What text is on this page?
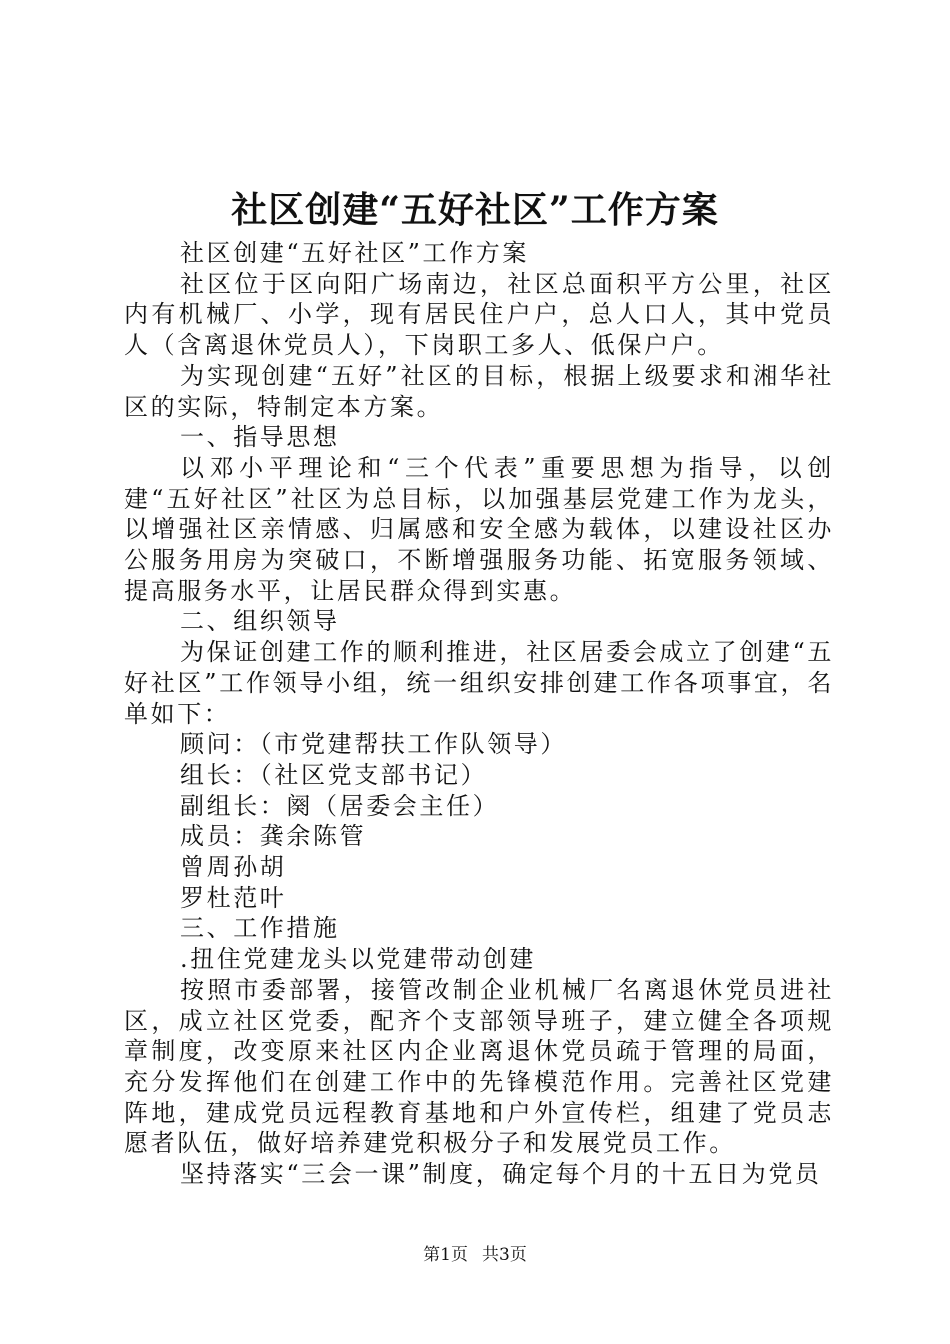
社区创建“五好社区”工作方案

社区创建“五好社区”工作方案

社区位于区向阳广场南边，社区总面积平方公里，社区内有机械厂、小学，现有居民住户户，总人口人，其中党员人（含离退休党员人），下岗职工多人、低保户户。

为实现创建“五好”社区的目标，根据上级要求和湘华社区的实际，特制定本方案。

一、指导思想

以邓小平理论和“三个代表”重要思想为指导，以创建“五好社区”社区为总目标，以加强基层党建工作为龙头，以增强社区亲情感、归属感和安全感为载体，以建设社区办公服务用房为突破口，不断增强服务功能、拓宽服务领域、提高服务水平，让居民群众得到实惠。

二、组织领导

为保证创建工作的顺利推进，社区居委会成立了创建“五好社区”工作领导小组，统一组织安排创建工作各项事宜，名单如下：

顾问：（市党建帮扶工作队领导）

组长：（社区党支部书记）

副组长：阕（居委会主任）

成员：龚余陈管

曾周孙胡

罗杜范叶

三、工作措施

.扭住党建龙头以党建带动创建

按照市委部署，接管改制企业机械厂名离退休党员进社区，成立社区党委，配齐个支部领导班子，建立健全各项规章制度，改变原来社区内企业离退休党员疏于管理的局面，充分发挥他们在创建工作中的先锋模范作用。完善社区党建阵地，建成党员远程教育基地和户外宣传栏，组建了党员志愿者队伍，做好培养建党积极分子和发展党员工作。

坚持落实“三会一课”制度，确定每个月的十五日为党员

第1页 共3页
